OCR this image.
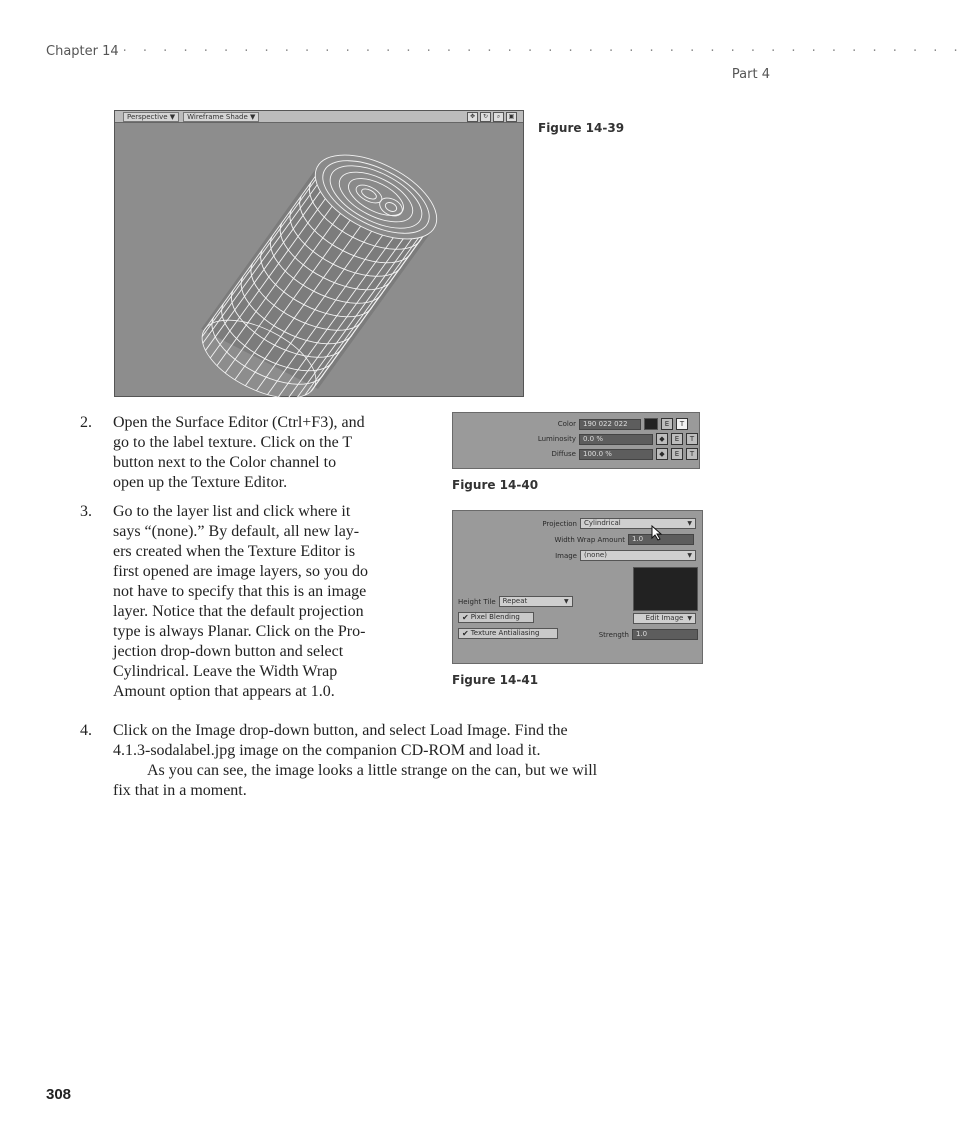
Chapter 14 · · · · · · · · · · · · · · · · · · · · · · · · · · · · · · · · · · · · · · · · · ·
Part 4
Perspective ▼	Wireframe Shade ▼	✥	↻	⌕	▣
Figure 14-39
Color	190 022 022	E	T
Luminosity	0.0 %	◆	E	T
Diffuse	100.0 %	◆	E	T
Figure 14-40
Projection	Cylindrical ▼
Width Wrap Amount	1.0
Image	(none) ▼
Height Tile	Repeat ▼
✔ Pixel Blending	Edit Image ▼
✔ Texture Antialiasing	Strength	1.0
Figure 14-41
2. Open the Surface Editor (Ctrl+F3), and
go to the label texture. Click on the T
button next to the Color channel to
open up the Texture Editor.
3. Go to the layer list and click where it
says “(none).” By default, all new lay-
ers created when the Texture Editor is
first opened are image layers, so you do
not have to specify that this is an image
layer. Notice that the default projection
type is always Planar. Click on the Pro-
jection drop-down button and select
Cylindrical. Leave the Width Wrap
Amount option that appears at 1.0.
4. Click on the Image drop-down button, and select Load Image. Find the
4.1.3-sodalabel.jpg image on the companion CD-ROM and load it.
As you can see, the image looks a little strange on the can, but we will
fix that in a moment.
308
